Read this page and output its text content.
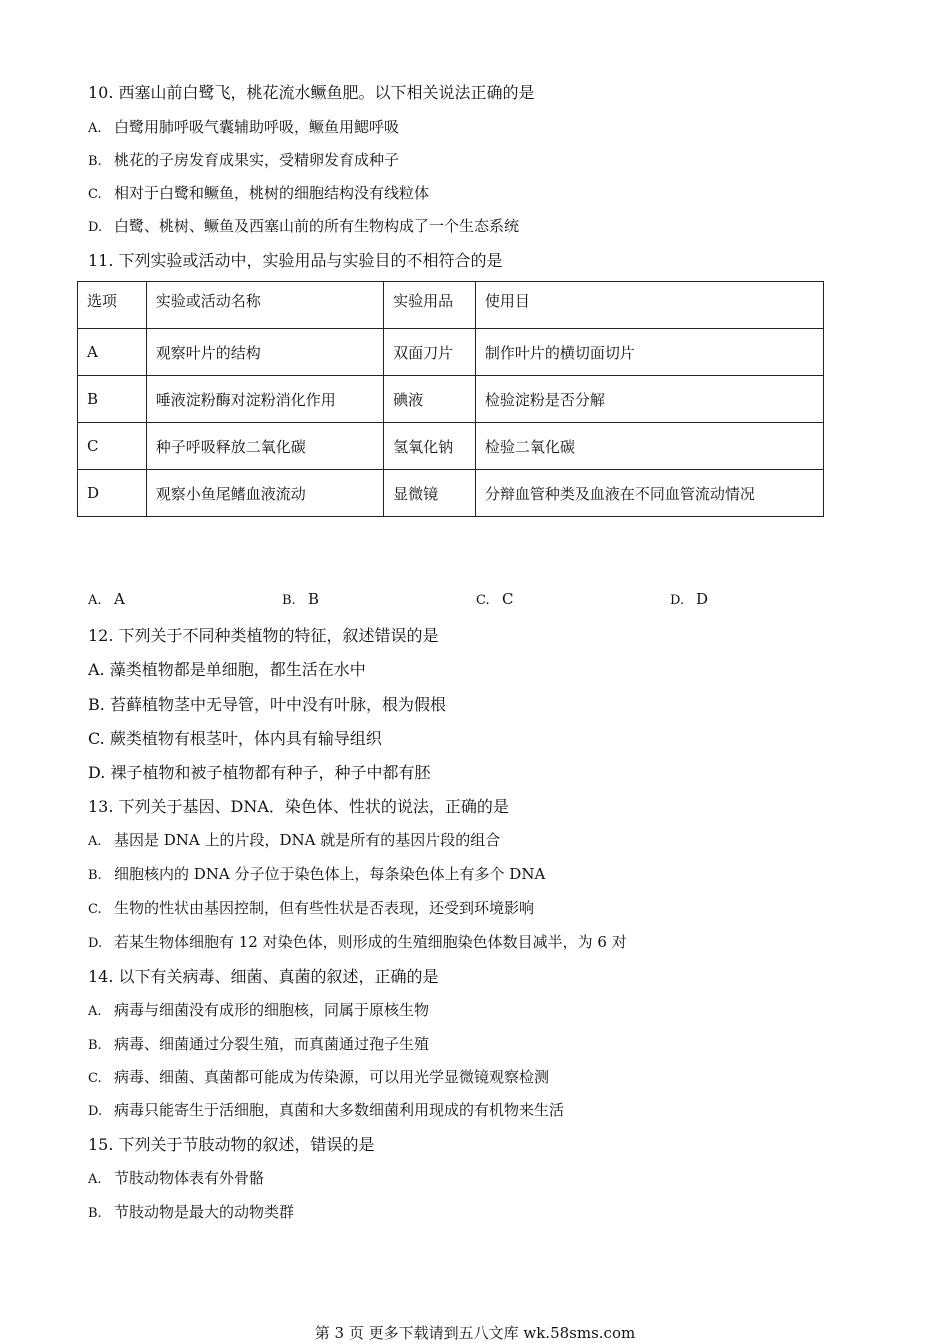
10. 西塞山前白鹭飞，桃花流水鳜鱼肥。以下相关说法正确的是
A. 白鹭用肺呼吸气囊辅助呼吸，鳜鱼用鳃呼吸
B. 桃花的子房发育成果实，受精卵发育成种子
C. 相对于白鹭和鳜鱼，桃树的细胞结构没有线粒体
D. 白鹭、桃树、鳜鱼及西塞山前的所有生物构成了一个生态系统
11. 下列实验或活动中，实验用品与实验目的不相符合的是
选项	实验或活动名称	实验用品	使用目
A	观察叶片的结构	双面刀片	制作叶片的横切面切片
B	唾液淀粉酶对淀粉消化作用	碘液	检验淀粉是否分解
C	种子呼吸释放二氧化碳	氢氧化钠	检验二氧化碳
D	观察小鱼尾鳍血液流动	显微镜	分辩血管种类及血液在不同血管流动情况
A. A	B. B	C. C	D. D
12. 下列关于不同种类植物的特征，叙述错误的是
A. 藻类植物都是单细胞，都生活在水中
B. 苔藓植物茎中无导管，叶中没有叶脉，根为假根
C. 蕨类植物有根茎叶，体内具有输导组织
D. 裸子植物和被子植物都有种子，种子中都有胚
13. 下列关于基因、DNA．染色体、性状的说法，正确的是
A. 基因是 DNA 上的片段，DNA 就是所有的基因片段的组合
B. 细胞核内的 DNA 分子位于染色体上，每条染色体上有多个 DNA
C. 生物的性状由基因控制，但有些性状是否表现，还受到环境影响
D. 若某生物体细胞有 12 对染色体，则形成的生殖细胞染色体数目减半，为 6 对
14. 以下有关病毒、细菌、真菌的叙述，正确的是
A. 病毒与细菌没有成形的细胞核，同属于原核生物
B. 病毒、细菌通过分裂生殖，而真菌通过孢子生殖
C. 病毒、细菌、真菌都可能成为传染源，可以用光学显微镜观察检测
D. 病毒只能寄生于活细胞，真菌和大多数细菌利用现成的有机物来生活
15. 下列关于节肢动物的叙述，错误的是
A. 节肢动物体表有外骨骼
B. 节肢动物是最大的动物类群
第 3 页 更多下载请到五八文库 wk.58sms.com
